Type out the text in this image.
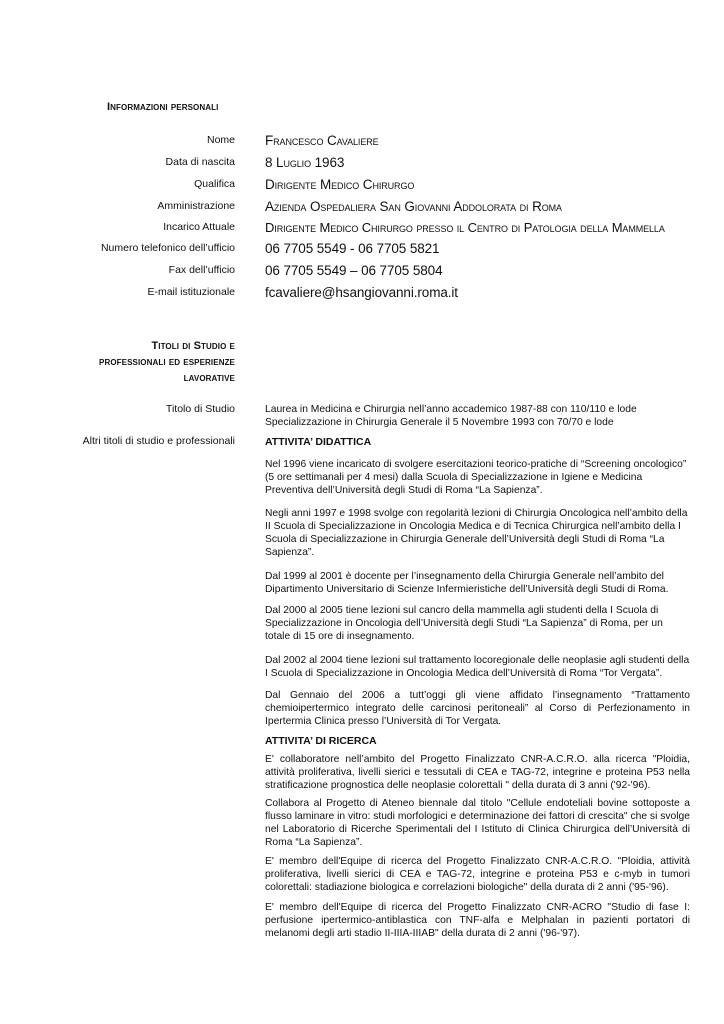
Informazioni personali
Nome Francesco Cavaliere
Data di nascita 8 Luglio 1963
Qualifica Dirigente Medico Chirurgo
Amministrazione Azienda Ospedaliera San Giovanni Addolorata di Roma
Incarico Attuale Dirigente Medico Chirurgo presso il Centro di Patologia della Mammella
Numero telefonico dell’ufficio 06 7705 5549 - 06 7705 5821
Fax dell’ufficio 06 7705 5549 – 06 7705 5804
E-mail istituzionale fcavaliere@hsangiovanni.roma.it
Titoli di Studio e
professionali ed esperienze
lavorative
Titolo di Studio	Laurea in Medicina e Chirurgia nell’anno accademico 1987-88 con 110/110 e lode
Specializzazione in Chirurgia Generale il 5 Novembre 1993 con 70/70 e lode
Altri titoli di studio e professionali	ATTIVITA’ DIDATTICA
Nel 1996 viene incaricato di svolgere esercitazioni teorico-pratiche di “Screening oncologico” (5 ore settimanali per 4 mesi) dalla Scuola di Specializzazione in Igiene e Medicina Preventiva dell’Università degli Studi di Roma “La Sapienza”.
Negli anni 1997 e 1998 svolge con regolarità lezioni di Chirurgia Oncologica nell’ambito della II Scuola di Specializzazione in Oncologia Medica e di Tecnica Chirurgica nell’ambito della I Scuola di Specializzazione in Chirurgia Generale dell’Università degli Studi di Roma “La Sapienza”.
Dal 1999 al 2001 è docente per l’insegnamento della Chirurgia Generale nell’ambito del Dipartimento Universitario di Scienze Infermieristiche dell’Università degli Studi di Roma.
Dal 2000 al 2005 tiene lezioni sul cancro della mammella agli studenti della I Scuola di Specializzazione in Oncologia dell’Università degli Studi “La Sapienza” di Roma, per un totale di 15 ore di insegnamento.
Dal 2002 al 2004 tiene lezioni sul trattamento locoregionale delle neoplasie agli studenti della I Scuola di Specializzazione in Oncologia Medica dell’Università di Roma “Tor Vergata”.
Dal Gennaio del 2006 a tutt’oggi gli viene affidato l’insegnamento “Trattamento chemioipertermico integrato delle carcinosi peritoneali” al Corso di Perfezionamento in Ipertermia Clinica presso l’Università di Tor Vergata.
ATTIVITA’ DI RICERCA
E' collaboratore nell’ambito del Progetto Finalizzato CNR-A.C.R.O. alla ricerca "Ploidia, attività proliferativa, livelli sierici e tessutali di CEA e TAG-72, integrine e proteina P53 nella stratificazione prognostica delle neoplasie colorettali " della durata di 3 anni ('92-'96).
Collabora al Progetto di Ateneo biennale dal titolo "Cellule endoteliali bovine sottoposte a flusso laminare in vitro: studi morfologici e determinazione dei fattori di crescita" che si svolge nel Laboratorio di Ricerche Sperimentali del I Istituto di Clinica Chirurgica dell’Università di Roma “La Sapienza”.
E' membro dell'Equipe di ricerca del Progetto Finalizzato CNR-A.C.R.O. "Ploidia, attività proliferativa, livelli sierici di CEA e TAG-72, integrine e proteina P53 e c-myb in tumori colorettali: stadiazione biologica e correlazioni biologiche" della durata di 2 anni ('95-'96).
E' membro dell'Equipe di ricerca del Progetto Finalizzato CNR-ACRO "Studio di fase I: perfusione ipertermico-antiblastica con TNF-alfa e Melphalan in pazienti portatori di melanomi degli arti stadio II-IIIA-IIIAB" della durata di 2 anni ('96-'97).
